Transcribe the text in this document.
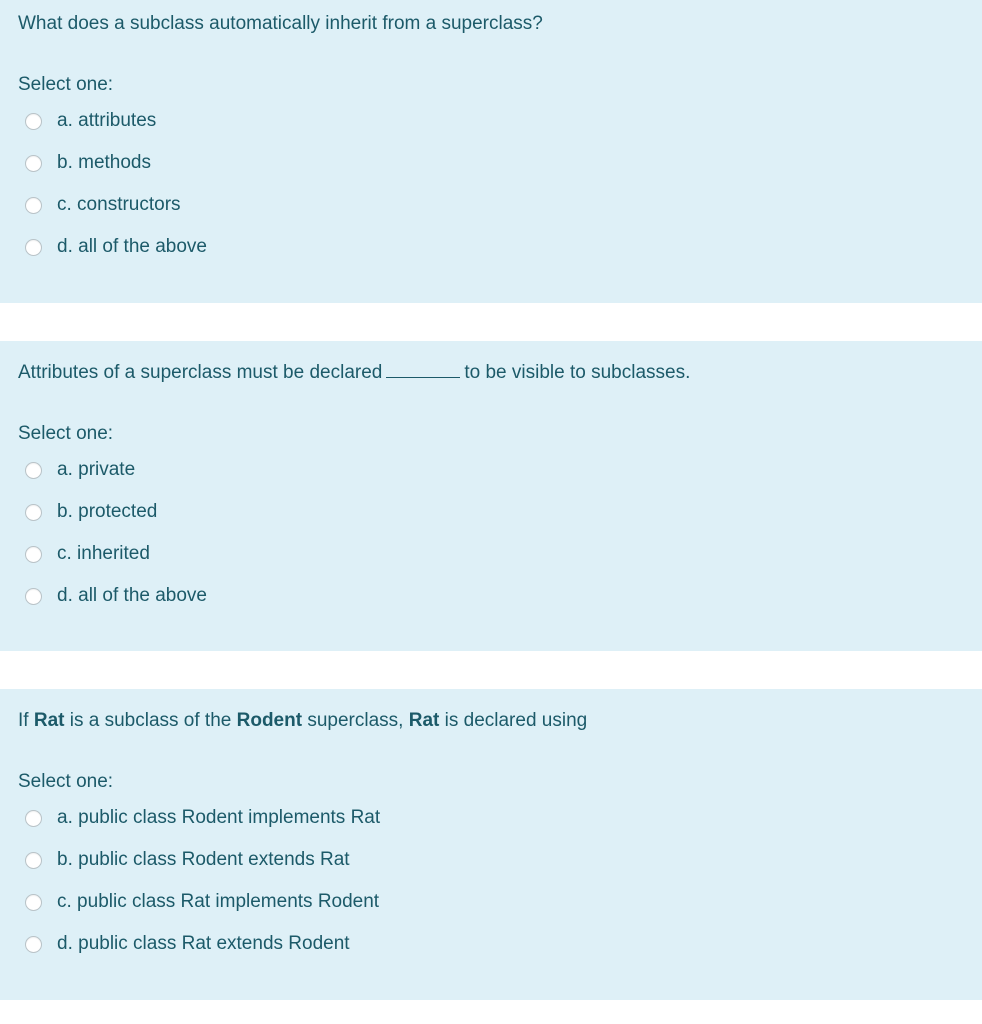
What does a subclass automatically inherit from a superclass?
Select one:
a. attributes
b. methods
c. constructors
d. all of the above
Attributes of a superclass must be declared	to be visible to subclasses.
Select one:
a. private
b. protected
c. inherited
d. all of the above
If Rat is a subclass of the Rodent superclass, Rat is declared using
Select one:
a. public class Rodent implements Rat
b. public class Rodent extends Rat
c. public class Rat implements Rodent
d. public class Rat extends Rodent
